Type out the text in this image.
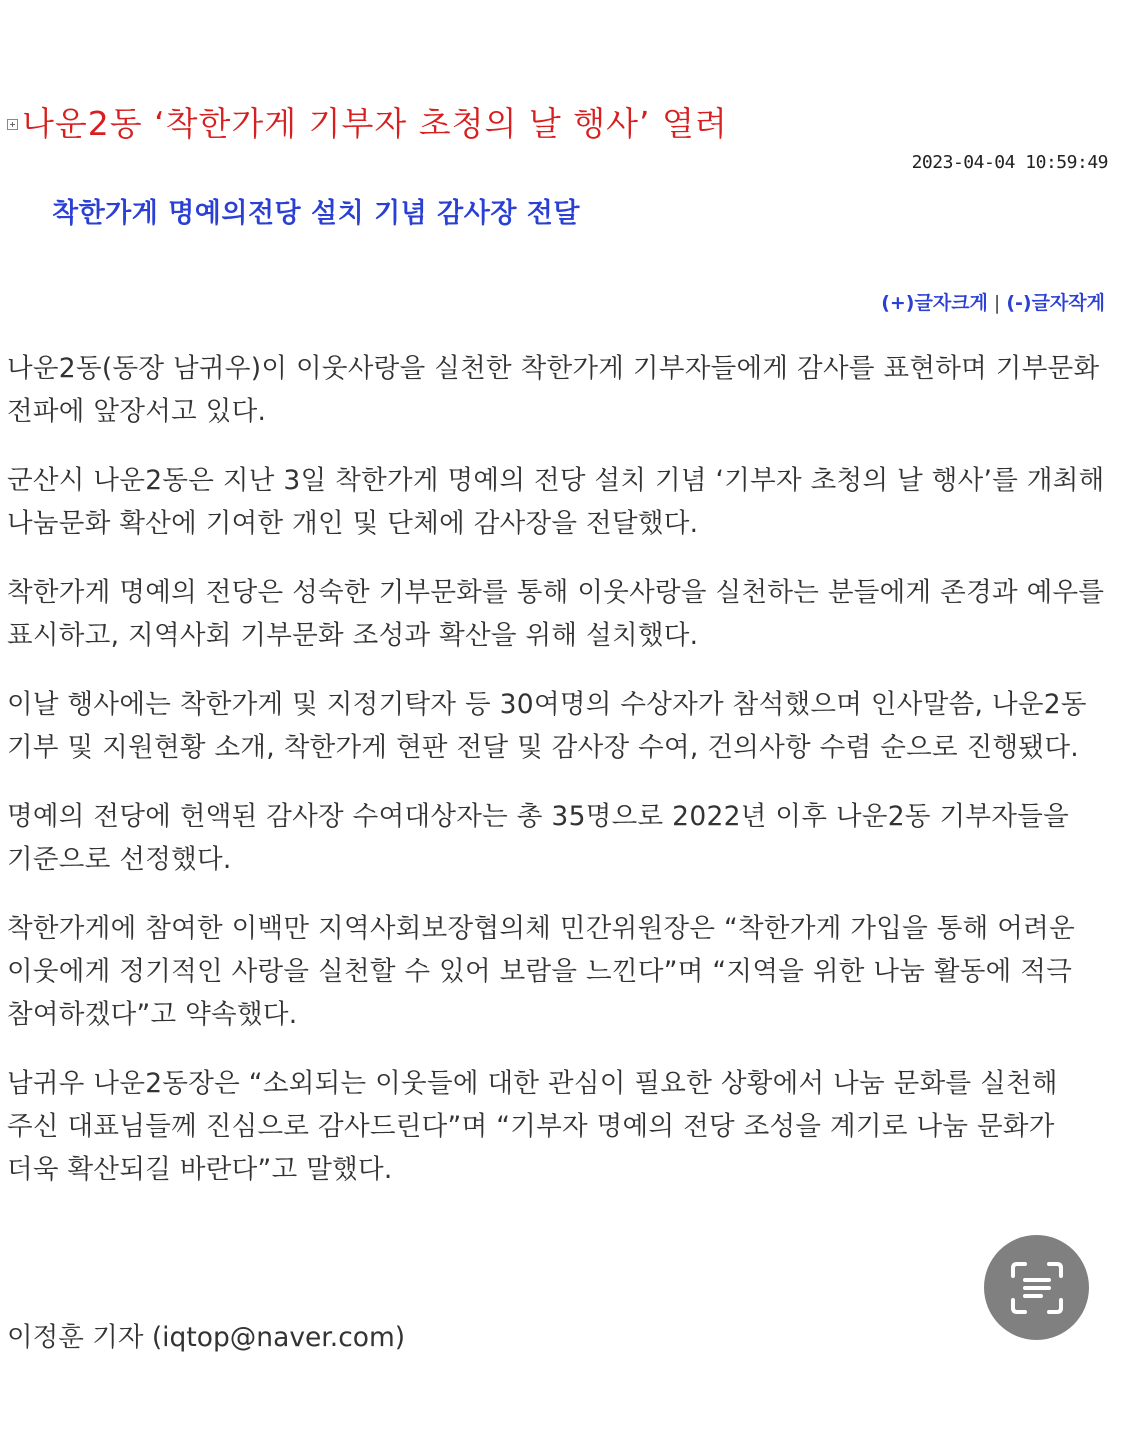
나운2동 ‘착한가게 기부자 초청의 날 행사’ 열려
2023-04-04 10:59:49
착한가게 명예의전당 설치 기념 감사장 전달
(+)글자크게 | (-)글자작게

나운2동(동장 남귀우)이 이웃사랑을 실천한 착한가게 기부자들에게 감사를 표현하며 기부문화 전파에 앞장서고 있다.

군산시 나운2동은 지난 3일 착한가게 명예의 전당 설치 기념 ‘기부자 초청의 날 행사’를 개최해 나눔문화 확산에 기여한 개인 및 단체에 감사장을 전달했다.

착한가게 명예의 전당은 성숙한 기부문화를 통해 이웃사랑을 실천하는 분들에게 존경과 예우를 표시하고, 지역사회 기부문화 조성과 확산을 위해 설치했다.

이날 행사에는 착한가게 및 지정기탁자 등 30여명의 수상자가 참석했으며 인사말씀, 나운2동 기부 및 지원현황 소개, 착한가게 현판 전달 및 감사장 수여, 건의사항 수렴 순으로 진행됐다.

명예의 전당에 헌액된 감사장 수여대상자는 총 35명으로 2022년 이후 나운2동 기부자들을 기준으로 선정했다.

착한가게에 참여한 이백만 지역사회보장협의체 민간위원장은 “착한가게 가입을 통해 어려운 이웃에게 정기적인 사랑을 실천할 수 있어 보람을 느낀다”며 “지역을 위한 나눔 활동에 적극 참여하겠다”고 약속했다.

남귀우 나운2동장은 “소외되는 이웃들에 대한 관심이 필요한 상황에서 나눔 문화를 실천해 주신 대표님들께 진심으로 감사드린다”며 “기부자 명예의 전당 조성을 계기로 나눔 문화가 더욱 확산되길 바란다”고 말했다.

이정훈 기자 (iqtop@naver.com)
